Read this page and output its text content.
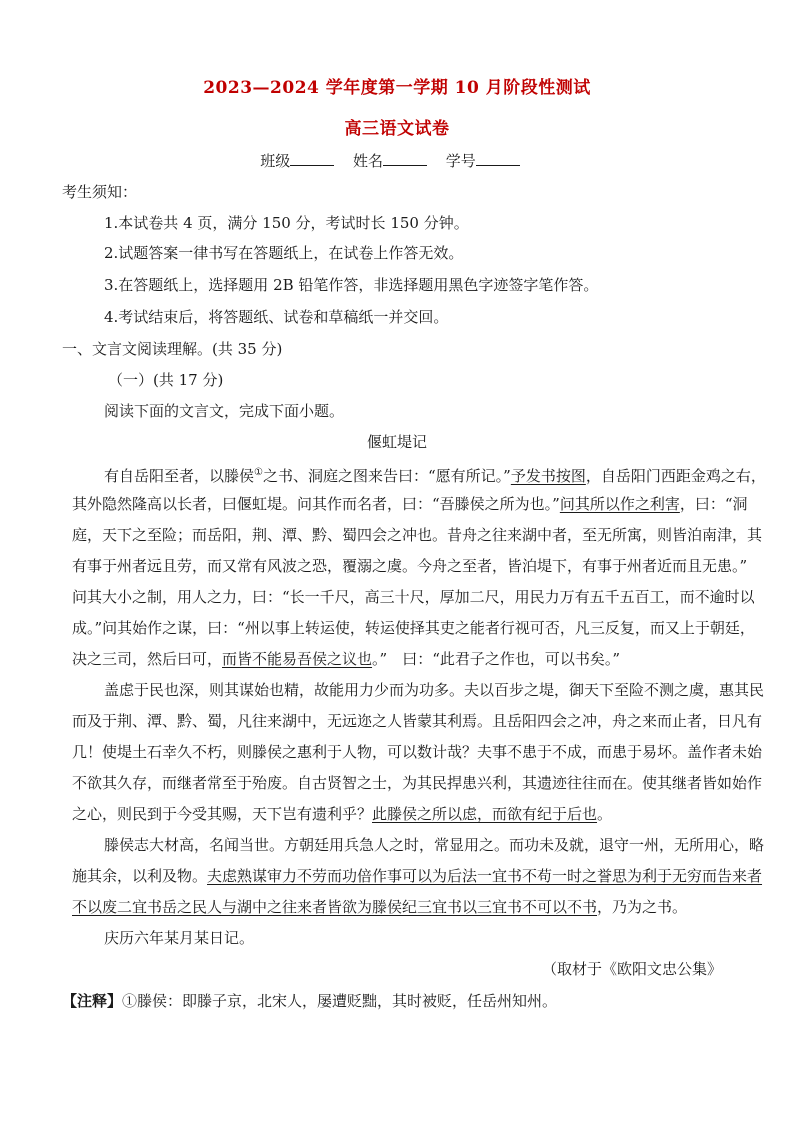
2023—2024 学年度第一学期 10 月阶段性测试
高三语文试卷
班级	姓名	学号
考生须知：
1.本试卷共 4 页，满分 150 分，考试时长 150 分钟。
2.试题答案一律书写在答题纸上，在试卷上作答无效。
3.在答题纸上，选择题用 2B 铅笔作答，非选择题用黑色字迹签字笔作答。
4.考试结束后，将答题纸、试卷和草稿纸一并交回。
一、文言文阅读理解。(共 35 分)
（一）(共 17 分)
阅读下面的文言文，完成下面小题。
偃虹堤记
有自岳阳至者，以滕侯①之书、洞庭之图来告曰：“愿有所记。”予发书按图，自岳阳门西距金鸡之右，
其外隐然隆高以长者，曰偃虹堤。问其作而名者，曰：“吾滕侯之所为也。”问其所以作之利害，曰：“洞
庭，天下之至险；而岳阳，荆、潭、黔、蜀四会之冲也。昔舟之往来湖中者，至无所寓，则皆泊南津，其
有事于州者远且劳，而又常有风波之恐，覆溺之虞。今舟之至者，皆泊堤下，有事于州者近而且无患。”
问其大小之制，用人之力，曰：“长一千尺，高三十尺，厚加二尺，用民力万有五千五百工，而不逾时以
成。”问其始作之谋，曰：“州以事上转运使，转运使择其吏之能者行视可否，凡三反复，而又上于朝廷，
决之三司，然后曰可，而皆不能易吾侯之议也。”　曰：“此君子之作也，可以书矣。”
盖虑于民也深，则其谋始也精，故能用力少而为功多。夫以百步之堤，御天下至险不测之虞，惠其民
而及于荆、潭、黔、蜀，凡往来湖中，无远迩之人皆蒙其利焉。且岳阳四会之冲，舟之来而止者，日凡有
几！使堤土石幸久不朽，则滕侯之惠利于人物，可以数计哉？夫事不患于不成，而患于易坏。盖作者未始
不欲其久存，而继者常至于殆废。自古贤智之士，为其民捍患兴利，其遗迹往往而在。使其继者皆如始作
之心，则民到于今受其赐，天下岂有遗利乎？此滕侯之所以虑，而欲有纪于后也。
滕侯志大材高，名闻当世。方朝廷用兵急人之时，常显用之。而功未及就，退守一州，无所用心，略
施其余，以利及物。夫虑熟谋审力不劳而功倍作事可以为后法一宜书不苟一时之誉思为利于无穷而告来者
不以废二宜书岳之民人与湖中之往来者皆欲为滕侯纪三宜书以三宜书不可以不书，乃为之书。
庆历六年某月某日记。
（取材于《欧阳文忠公集》
【注释】①滕侯：即滕子京，北宋人，屡遭贬黜，其时被贬，任岳州知州。
